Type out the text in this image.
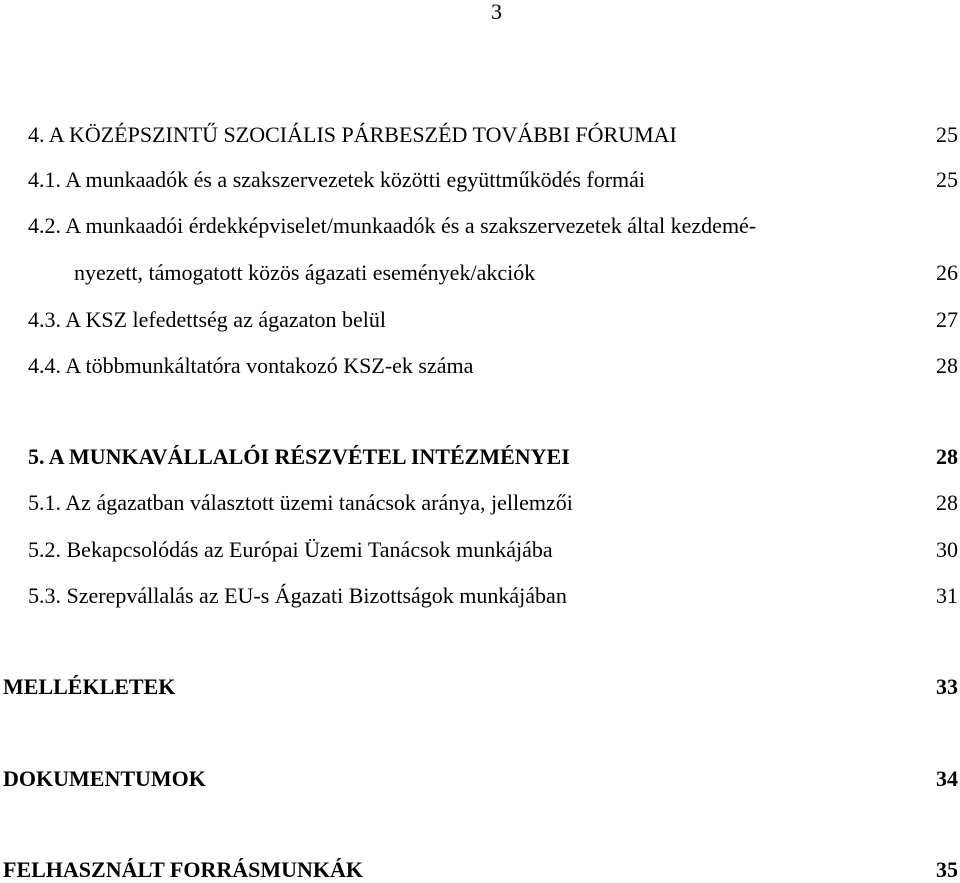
3
4. A KÖZÉPSZINTŰ SZOCIÁLIS PÁRBESZÉD TOVÁBBI FÓRUMAI	25
4.1. A munkaadók és a szakszervezetek közötti együttműködés formái	25
4.2. A munkaadói érdekképviselet/munkaadók és a szakszervezetek által kezdemé-
nyezett, támogatott közös ágazati események/akciók	26
4.3. A KSZ lefedettség az ágazaton belül	27
4.4. A többmunkáltatóra vontakozó KSZ-ek száma	28
5. A MUNKAVÁLLALÓI RÉSZVÉTEL INTÉZMÉNYEI	28
5.1. Az ágazatban választott üzemi tanácsok aránya, jellemzői	28
5.2. Bekapcsolódás az Európai Üzemi Tanácsok munkájába	30
5.3. Szerepvállalás az EU-s Ágazati Bizottságok munkájában	31
MELLÉKLETEK	33
DOKUMENTUMOK	34
FELHASZNÁLT FORRÁSMUNKÁK	35
